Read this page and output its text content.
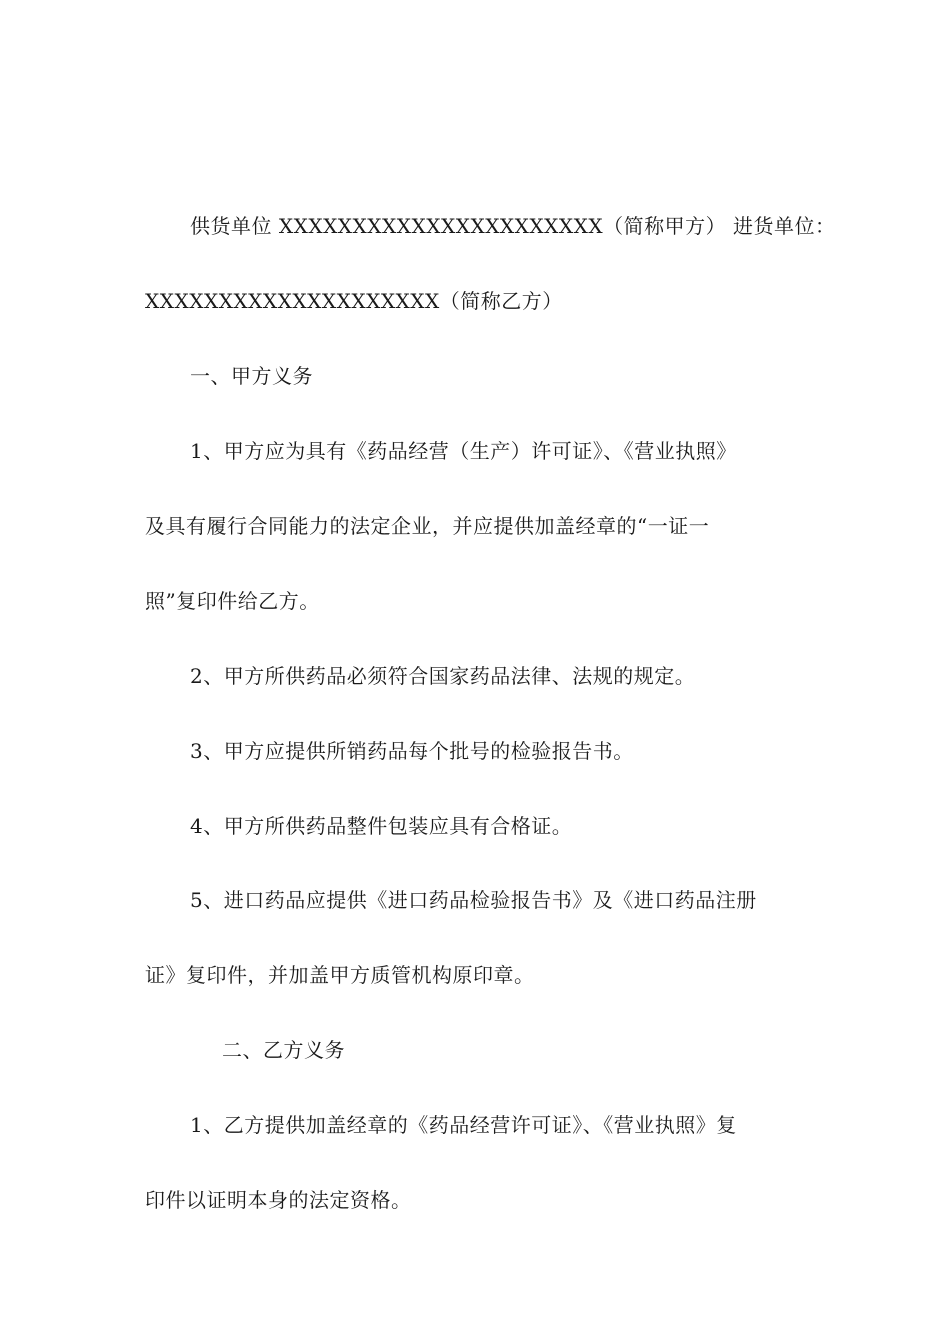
供货单位 XXXXXXXXXXXXXXXXXXXXXX（简称甲方） 进货单位：
XXXXXXXXXXXXXXXXXXXX（简称乙方）
一、甲方义务
1、甲方应为具有《药品经营（生产）许可证》、《营业执照》
及具有履行合同能力的法定企业，并应提供加盖经章的“一证一
照”复印件给乙方。
2、甲方所供药品必须符合国家药品法律、法规的规定。
3、甲方应提供所销药品每个批号的检验报告书。
4、甲方所供药品整件包装应具有合格证。
5、进口药品应提供《进口药品检验报告书》及《进口药品注册
证》复印件，并加盖甲方质管机构原印章。
二、乙方义务
1、乙方提供加盖经章的《药品经营许可证》、《营业执照》复
印件以证明本身的法定资格。
